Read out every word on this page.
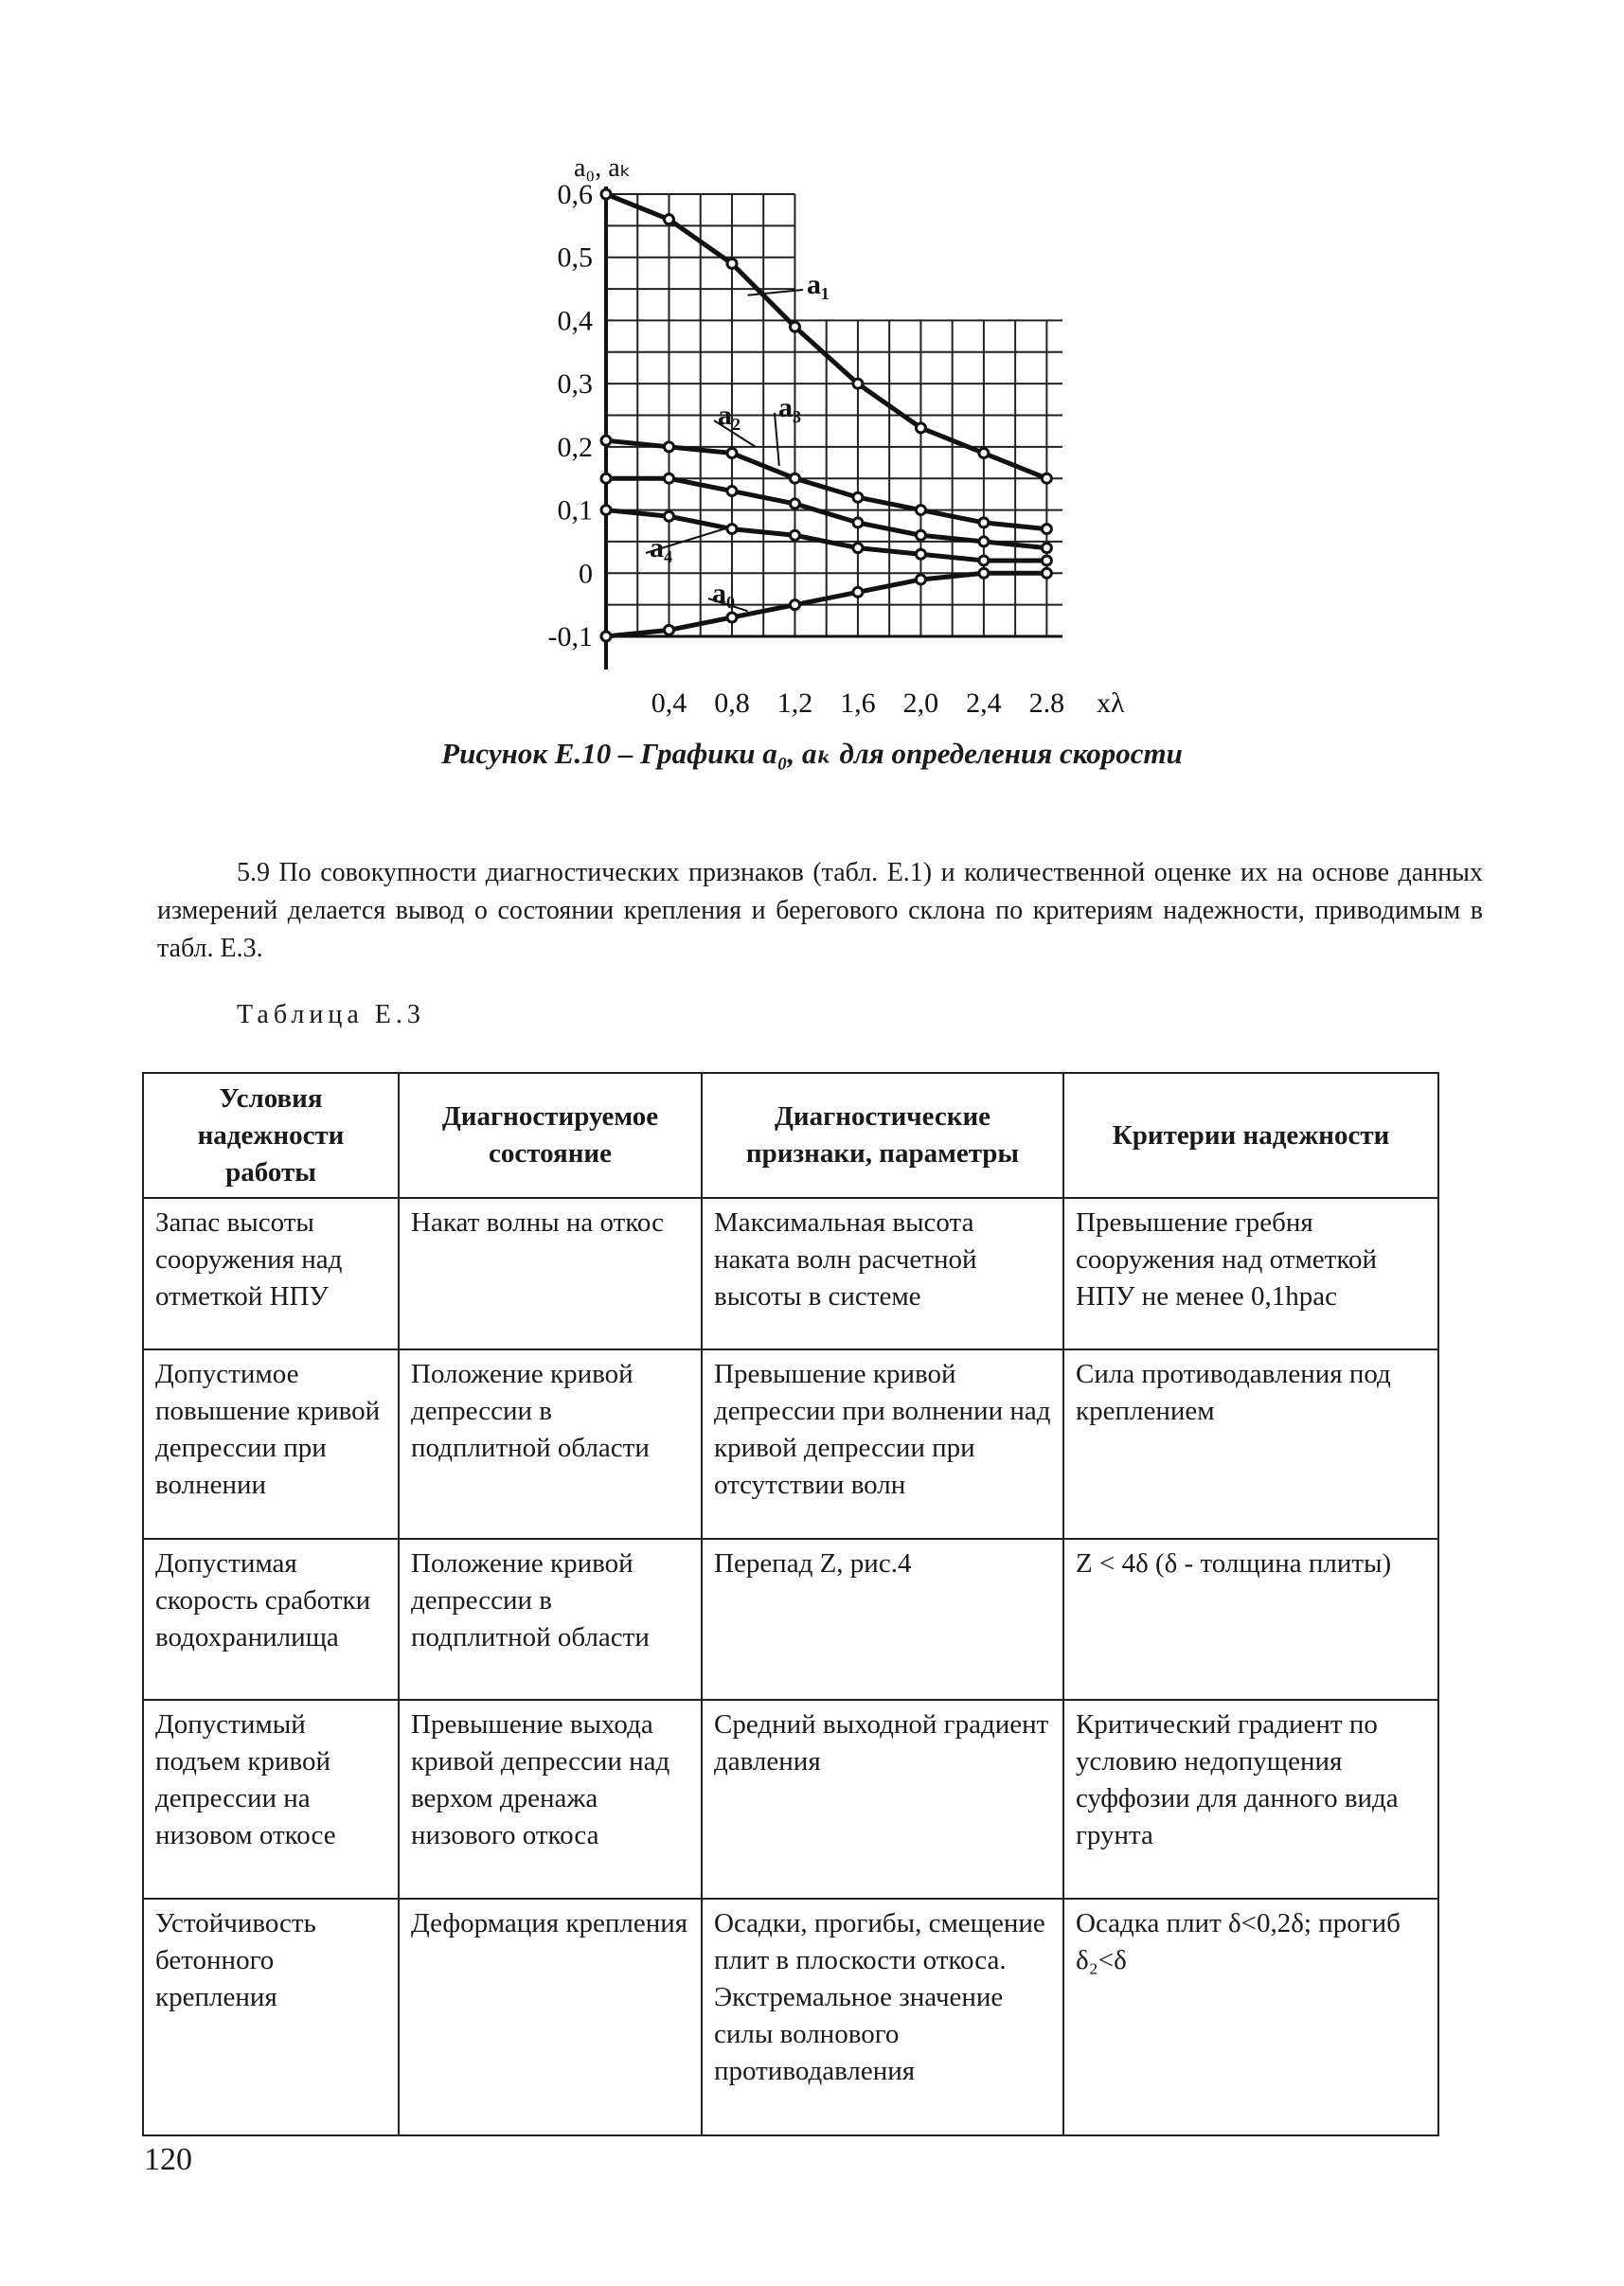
0,6
0,5
0,4
0,3
0,2
0,1
0
-0,1
0,4 0,8 1,2 1,6 2,0 2,4 2.8
a₀, aₖ
xλ
a₁
a₂ a₃
a₄
a₀
Рисунок Е.10 – Графики a₀, aₖ для определения скорости
5.9 По совокупности диагностических признаков (табл. Е.1) и количественной оценке их на основе данных измерений делается вывод о состоянии крепления и берегового склона по критериям надежности, приводимым в табл. Е.3.
Таблица Е.3
Условия надежности работы	Диагностируемое состояние	Диагностические признаки, параметры	Критерии надежности
Запас высоты сооружения над отметкой НПУ	Накат волны на откос	Максимальная высота наката волн расчетной высоты в системе	Превышение гребня сооружения над отметкой НПУ не менее 0,1hрас
Допустимое повышение кривой депрессии при волнении	Положение кривой депрессии в подплитной области	Превышение кривой депрессии при волнении над кривой депрессии при отсутствии волн	Сила противодавления под креплением
Допустимая скорость сработки водохранилища	Положение кривой депрессии в подплитной области	Перепад Z, рис.4	Z < 4δ (δ - толщина плиты)
Допустимый подъем кривой депрессии на низовом откосе	Превышение выхода кривой депрессии над верхом дренажа низового откоса	Средний выходной градиент давления	Критический градиент по условию недопущения суффозии для данного вида грунта
Устойчивость бетонного крепления	Деформация крепления	Осадки, прогибы, смещение плит в плоскости откоса. Экстремальное значение силы волнового противодавления	Осадка плит δ<0,2δ; прогиб δ₂<δ
120
